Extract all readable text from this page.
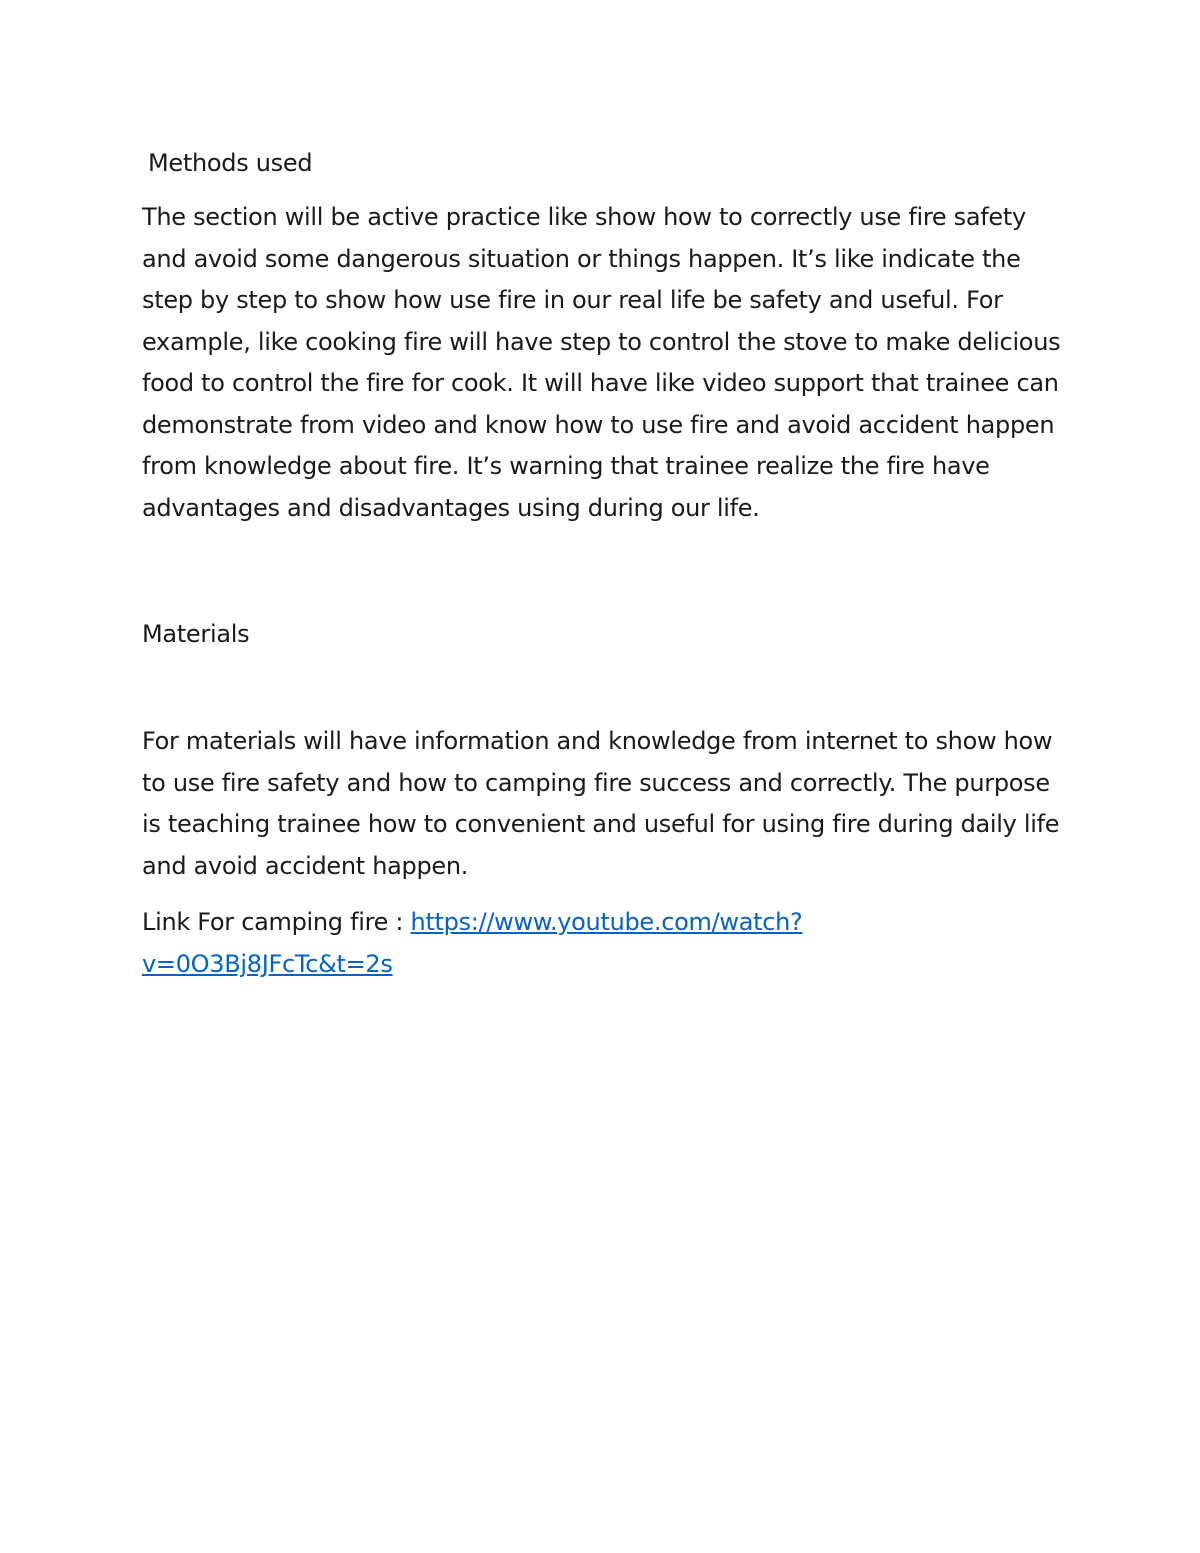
Methods used

The section will be active practice like show how to correctly use fire safety and avoid some dangerous situation or things happen. It’s like indicate the step by step to show how use fire in our real life be safety and useful. For example, like cooking fire will have step to control the stove to make delicious food to control the fire for cook. It will have like video support that trainee can demonstrate from video and know how to use fire and avoid accident happen from knowledge about fire. It’s warning that trainee realize the fire have advantages and disadvantages using during our life.

Materials

For materials will have information and knowledge from internet to show how to use fire safety and how to camping fire success and correctly. The purpose is teaching trainee how to convenient and useful for using fire during daily life and avoid accident happen.

Link For camping fire : https://www.youtube.com/watch?
v=0O3Bj8JFcTc&t=2s
